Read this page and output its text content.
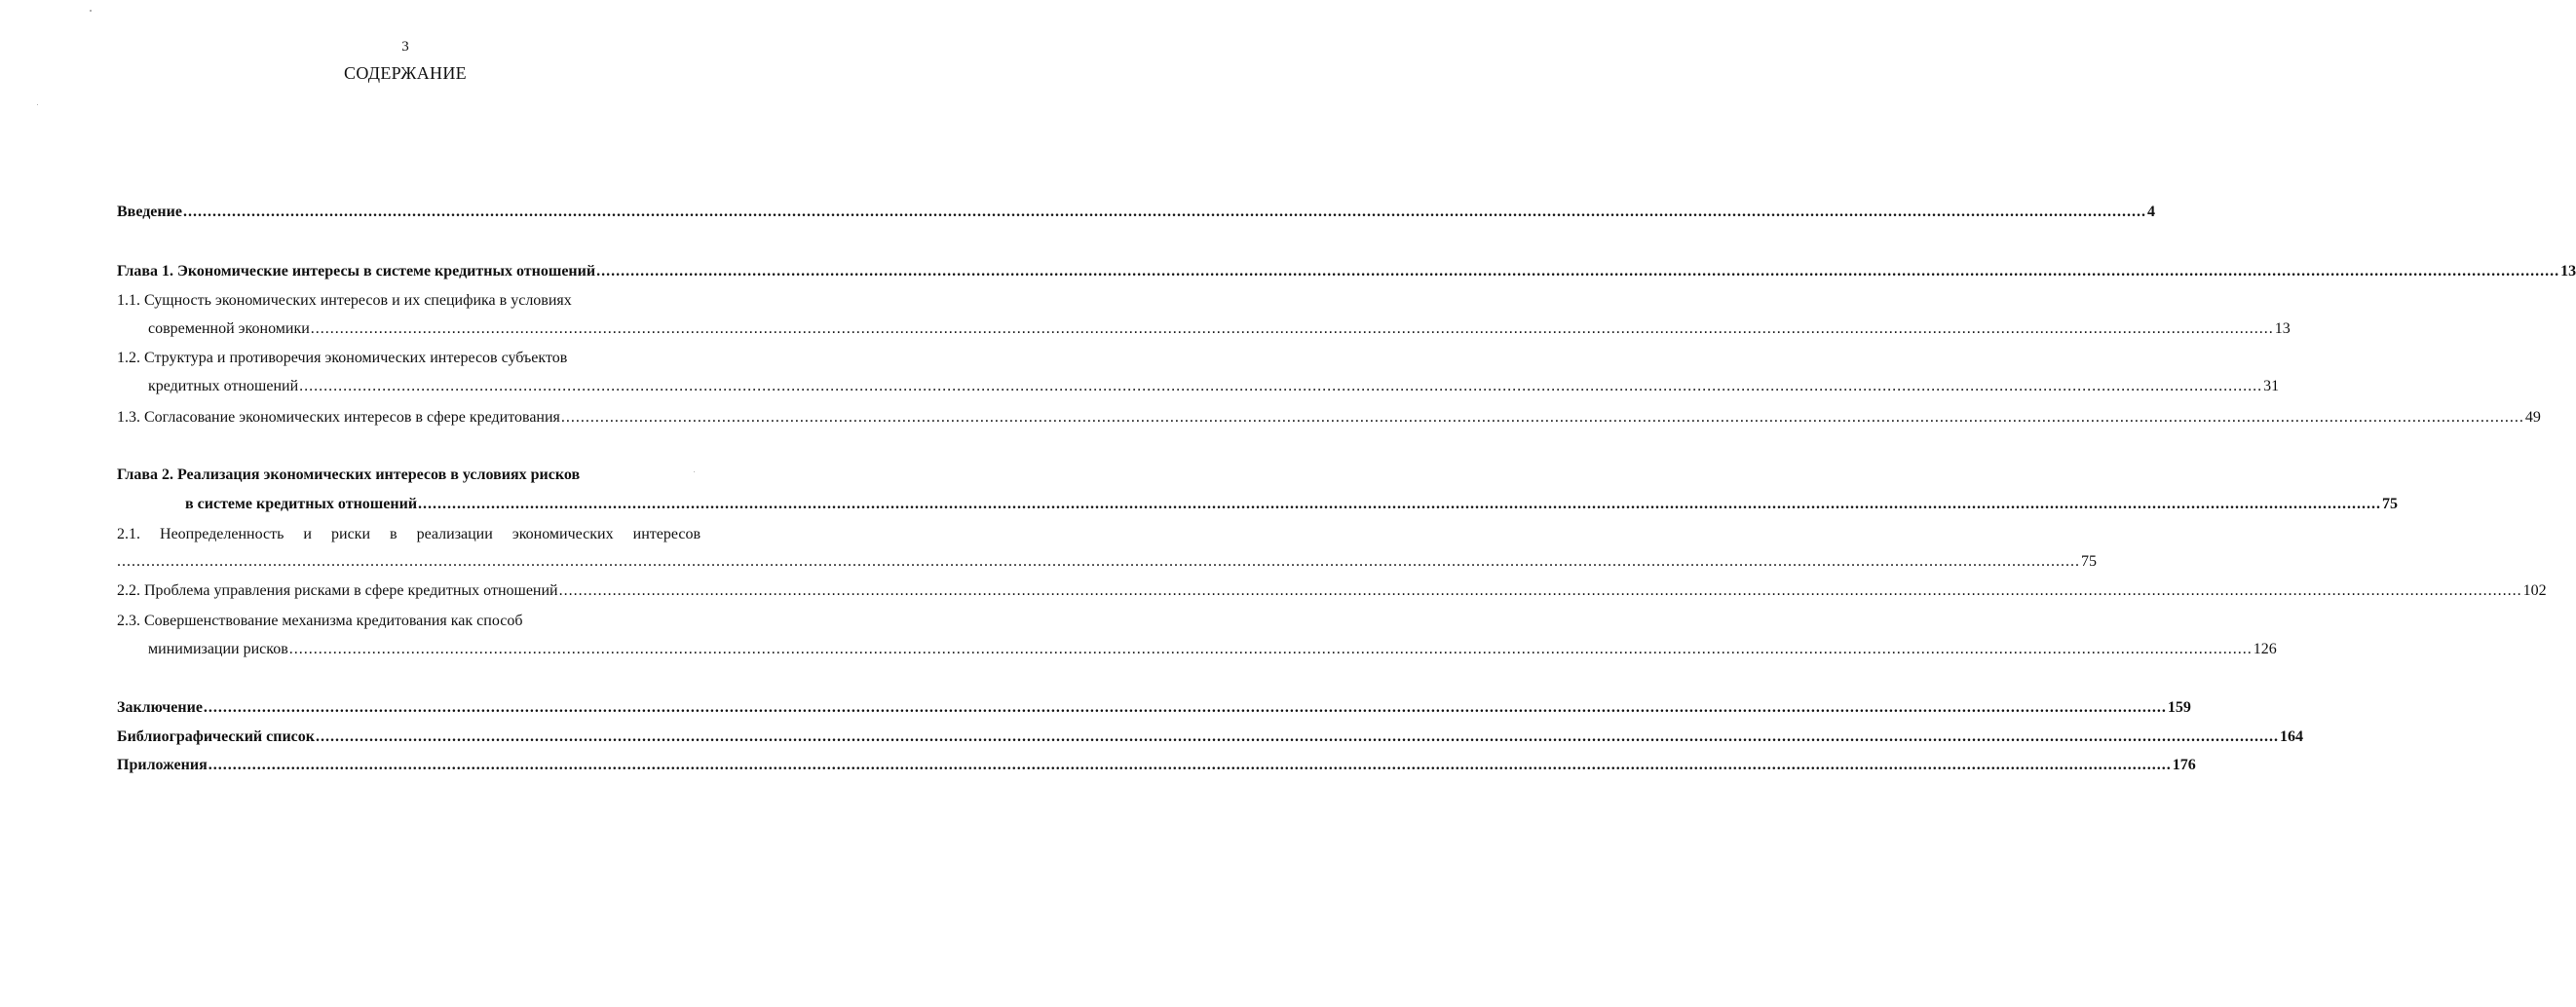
3
СОДЕРЖАНИЕ
Введение ................................................................................................................................................................................................................................................................................................................................................................................................................... 4
Глава 1. Экономические интересы в системе кредитных отношений ................................................................................................................................................................................................................................................................................................................................................................................................................... 13
1.1. Сущность экономических интересов и их специфика в условиях
современной экономики ................................................................................................................................................................................................................................................................................................................................................................................................................... 13
1.2. Структура и противоречия экономических интересов субъектов
кредитных отношений ................................................................................................................................................................................................................................................................................................................................................................................................................... 31
1.3. Согласование экономических интересов в сфере кредитования ................................................................................................................................................................................................................................................................................................................................................................................................................... 49
Глава 2. Реализация экономических интересов в условиях рисков
в системе кредитных отношений ................................................................................................................................................................................................................................................................................................................................................................................................................... 75
2.1. Неопределенность и риски в реализации экономических интересов
................................................................................................................................................................................................................................................................................................................................................................................................................... 75
2.2. Проблема управления рисками в сфере кредитных отношений ................................................................................................................................................................................................................................................................................................................................................................................................................... 102
2.3. Совершенствование механизма кредитования как способ
минимизации рисков ................................................................................................................................................................................................................................................................................................................................................................................................................... 126
Заключение ................................................................................................................................................................................................................................................................................................................................................................................................................... 159
Библиографический список ................................................................................................................................................................................................................................................................................................................................................................................................................... 164
Приложения ................................................................................................................................................................................................................................................................................................................................................................................................................... 176
